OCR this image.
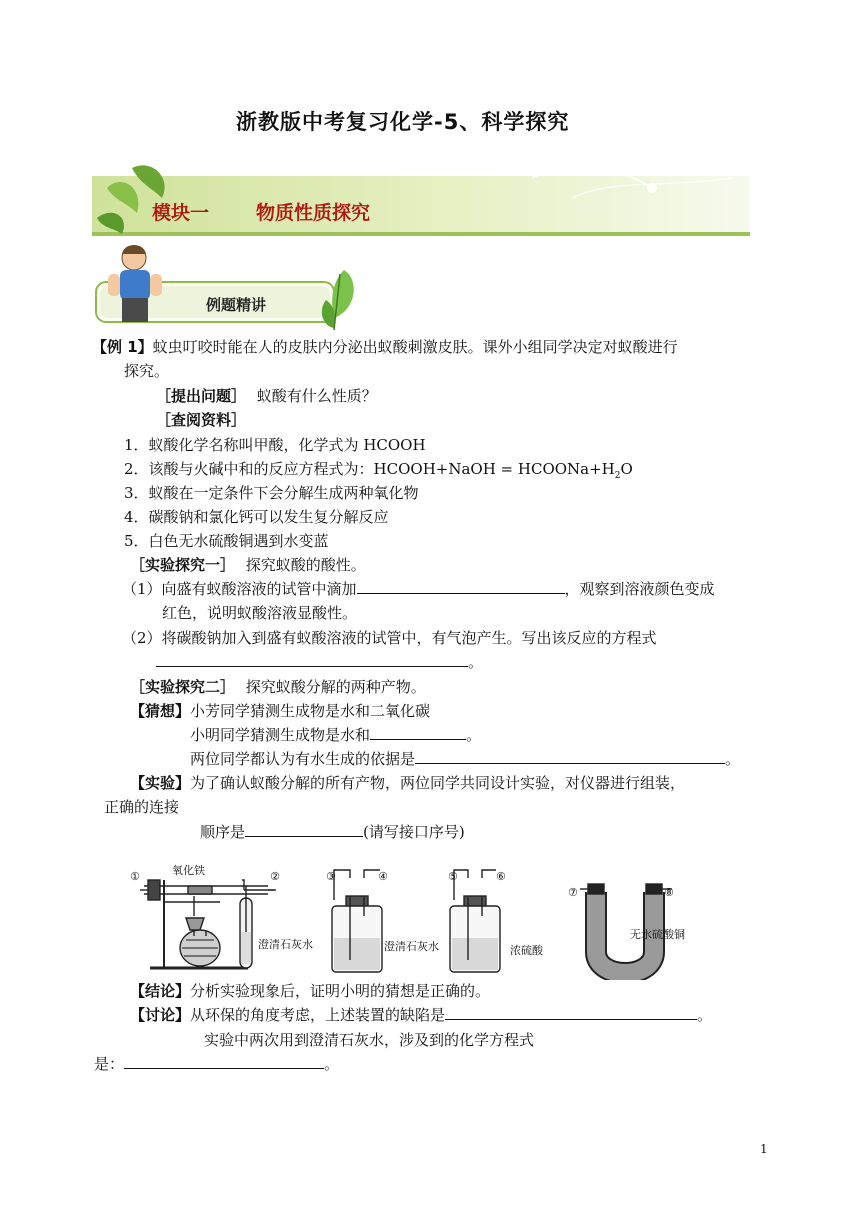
浙教版中考复习化学-5、科学探究
模块一 物质性质探究
例题精讲
【例 1】蚊虫叮咬时能在人的皮肤内分泌出蚁酸刺激皮肤。课外小组同学决定对蚁酸进行
探究。
［提出问题］ 蚁酸有什么性质？
［查阅资料］
1．蚁酸化学名称叫甲酸，化学式为 HCOOH
2．该酸与火碱中和的反应方程式为：HCOOH+NaOH = $HCOONa+H_2O$
3．蚁酸在一定条件下会分解生成两种氧化物
4．碳酸钠和氯化钙可以发生复分解反应
5．白色无水硫酸铜遇到水变蓝
［实验探究一］ 探究蚁酸的酸性。
（1）向盛有蚁酸溶液的试管中滴加	，观察到溶液颜色变成
红色，说明蚁酸溶液显酸性。
（2）将碳酸钠加入到盛有蚁酸溶液的试管中，有气泡产生。写出该反应的方程式
。
［实验探究二］ 探究蚁酸分解的两种产物。
【猜想】小芳同学猜测生成物是水和二氧化碳
小明同学猜测生成物是水和	。
两位同学都认为有水生成的依据是	。
【实验】为了确认蚁酸分解的所有产物，两位同学共同设计实验，对仪器进行组装，
正确的连接
顺序是	(请写接口序号)
①	氧化铁	②
澄清石灰水
③	④
澄清石灰水
⑤	⑥
浓硫酸
⑦	⑧
无水硫酸铜
【结论】分析实验现象后，证明小明的猜想是正确的。
【讨论】从环保的角度考虑，上述装置的缺陷是	。
实验中两次用到澄清石灰水，涉及到的化学方程式
是：	。
1
